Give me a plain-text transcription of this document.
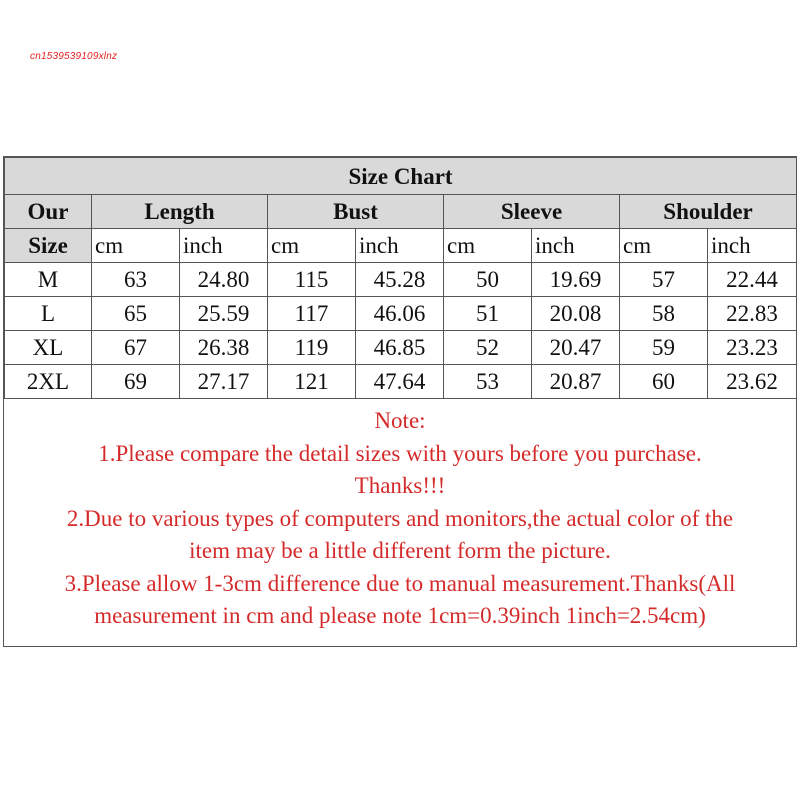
cn1539539109xlnz
Size Chart								
Our	Length		Bust		Sleeve		Shoulder	
Size	cm	inch	cm	inch	cm	inch	cm	inch
M	63	24.80	115	45.28	50	19.69	57	22.44
L	65	25.59	117	46.06	51	20.08	58	22.83
XL	67	26.38	119	46.85	52	20.47	59	23.23
2XL	69	27.17	121	47.64	53	20.87	60	23.62
Note:
1.Please compare the detail sizes with yours before you purchase.
Thanks!!!
2.Due to various types of computers and monitors,the actual color of the
item may be a little different form the picture.
3.Please allow 1-3cm difference due to manual measurement.Thanks(All
measurement in cm and please note 1cm=0.39inch 1inch=2.54cm)
